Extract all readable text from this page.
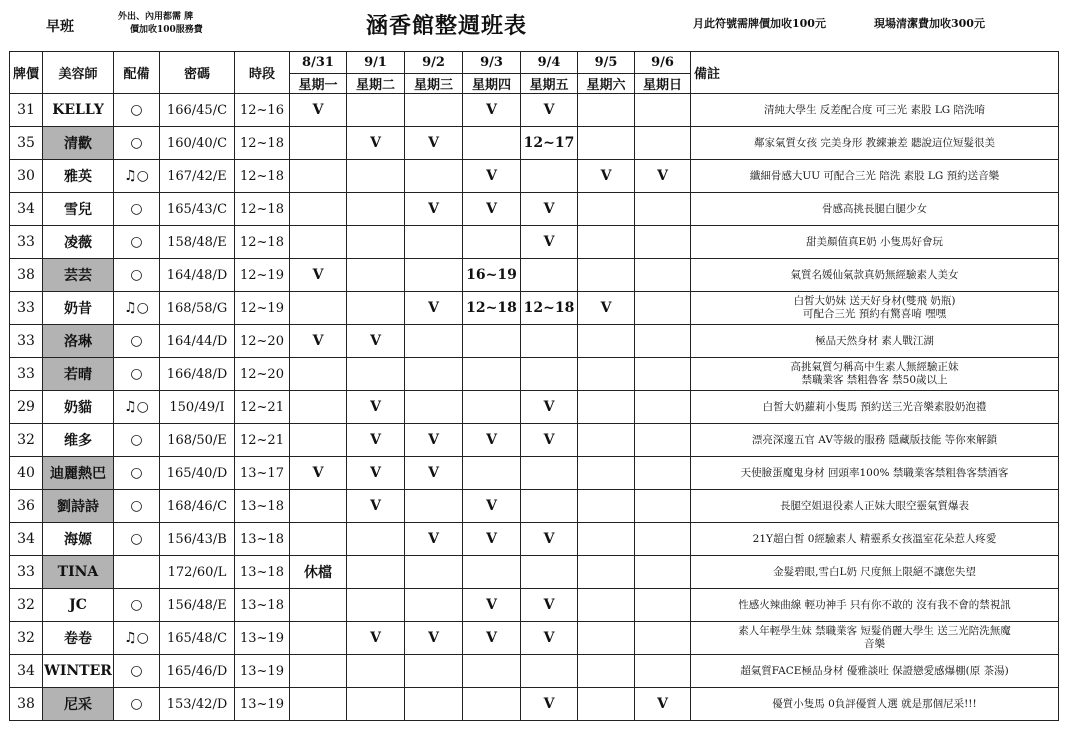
早班
外出、內用都需 牌
價加收100服務費	涵香館整週班表	月此符號需牌價加收100元	現場清潔費加收300元
牌價	美容師	配備	密碼	時段	8/31	9/1	9/2	9/3	9/4	9/5	9/6	備註
					星期一	星期二	星期三	星期四	星期五	星期六	星期日	
31	KELLY	○	166/45/C	12~16	V			V	V			清純大學生 反差配合度 可三光 素股 LG 陪洗唷
35	清歡	○	160/40/C	12~18		V	V		12~17			鄰家氣質女孩 完美身形 教練兼差 聽說這位短髮很美
30	雅英	♫○	167/42/E	12~18				V		V	V	纖細骨感大UU 可配合三光 陪洗 素股 LG 預約送音樂
34	雪兒	○	165/43/C	12~18			V	V	V			骨感高挑長腿白腿少女
33	凌薇	○	158/48/E	12~18					V			甜美顏值真E奶 小隻馬好會玩
38	芸芸	○	164/48/D	12~19	V			16~19				氣質名媛仙氣款真奶無經驗素人美女
33	奶昔	♫○	168/58/G	12~19			V	12~18	12~18	V		白皙大奶妹 送天好身材(雙飛 奶瓶)
可配合三光 預約有驚喜唷 嘿嘿
33	洛琳	○	164/44/D	12~20	V	V						極品天然身材 素人戰江湖
33	若晴	○	166/48/D	12~20								高挑氣質匀稱高中生素人無經驗正妹
禁職業客 禁粗魯客 禁50歲以上
29	奶貓	♫○	150/49/I	12~21		V			V			白皙大奶蘿莉小隻馬 預約送三光音樂素股奶泡禮
32	维多	○	168/50/E	12~21		V	V	V	V			漂亮深邃五官 AV等級的服務 隱藏版技能 等你來解鎖
40	迪麗熱巴	○	165/40/D	13~17	V	V	V					天使臉蛋魔鬼身材 回頭率100% 禁職業客禁粗魯客禁酒客
36	劉詩詩	○	168/46/C	13~18		V		V				長腿空姐退役素人正妹大眼空靈氣質爆表
34	海嫄	○	156/43/B	13~18			V	V	V			21Y超白皙 0經驗素人 精靈系女孩溫室花朵惹人疼愛
33	TINA		172/60/L	13~18	休檔							金髮碧眼,雪白L奶 尺度無上限絕不讓您失望
32	JC	○	156/48/E	13~18				V	V			性感火辣曲線 輕功神手 只有你不敢的 沒有我不會的禁視訊
32	卷卷	♫○	165/48/C	13~19		V	V	V	V			素人年輕學生妹 禁職業客 短髮俏麗大學生 送三光陪洗無魔
音樂
34	WINTER	○	165/46/D	13~19								超氣質FACE極品身材 優雅談吐 保證戀愛感爆棚(原 茶湯)
38	尼采	○	153/42/D	13~19					V		V	優質小隻馬 0負評優質人選 就是那個尼采!!!
